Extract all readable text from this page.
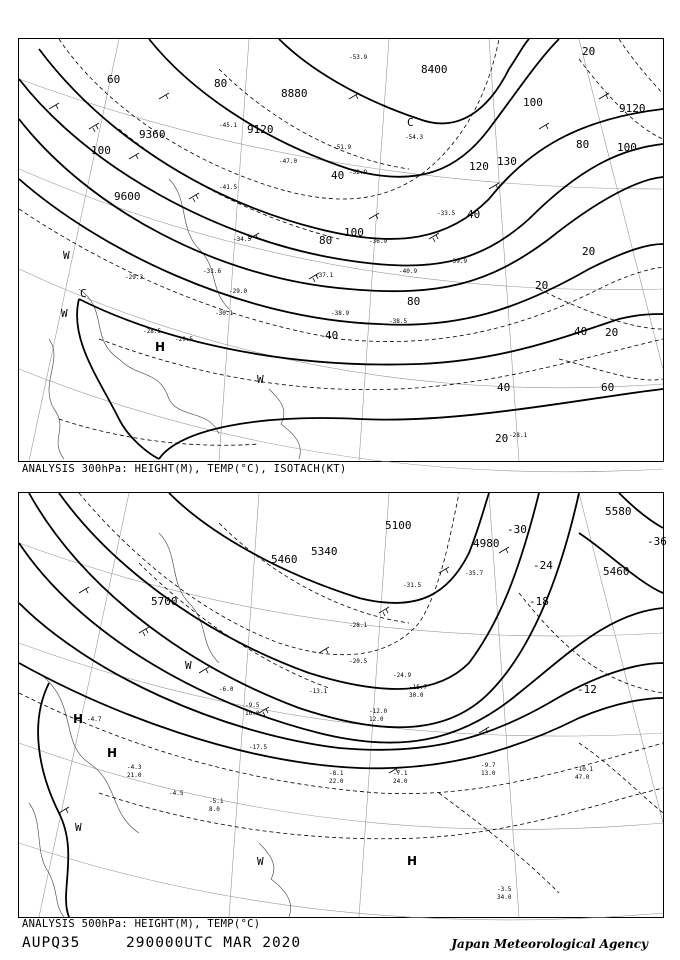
9360
9600
8880
9120
8400
9120
80
60
100
40
120
80	100
40
20
80
20
40 20
60
40
20
100
80
40
20
100
130
H
W
W
C
C
W
-28.5
-29.5
-30.1
-31.6
-34.5
-37.1
-38.9
-40.9
-45.1
-51.9
-53.9
-54.3
-52.9
-47.0
-41.5
-29.0
-28.1
-38.5
-39.9
-33.5
-36.9
-29.3
ANALYSIS 300hPa: HEIGHT(M), TEMP(°C), ISOTACH(KT)
5100
5340
5460
5580
5700
5460
4980
-12
-18
-24
-30
-36
H
H
H
W
W
W
-4.3
-4.7
-5.1
-9.7
-10.1
-3.5
-7.1
-8.1
-12.0
-15.7
-20.5
-24.9
-28.1
-31.5
-35.7
-9.5
-6.0
-4.5
-13.1
-17.5
21.0	13.0
47.0
34.0
24.0
22.0
30.0
8.0
16.0
12.0
ANALYSIS 500hPa: HEIGHT(M), TEMP(°C)
AUPQ35	290000UTC MAR 2020	Japan Meteorological Agency
